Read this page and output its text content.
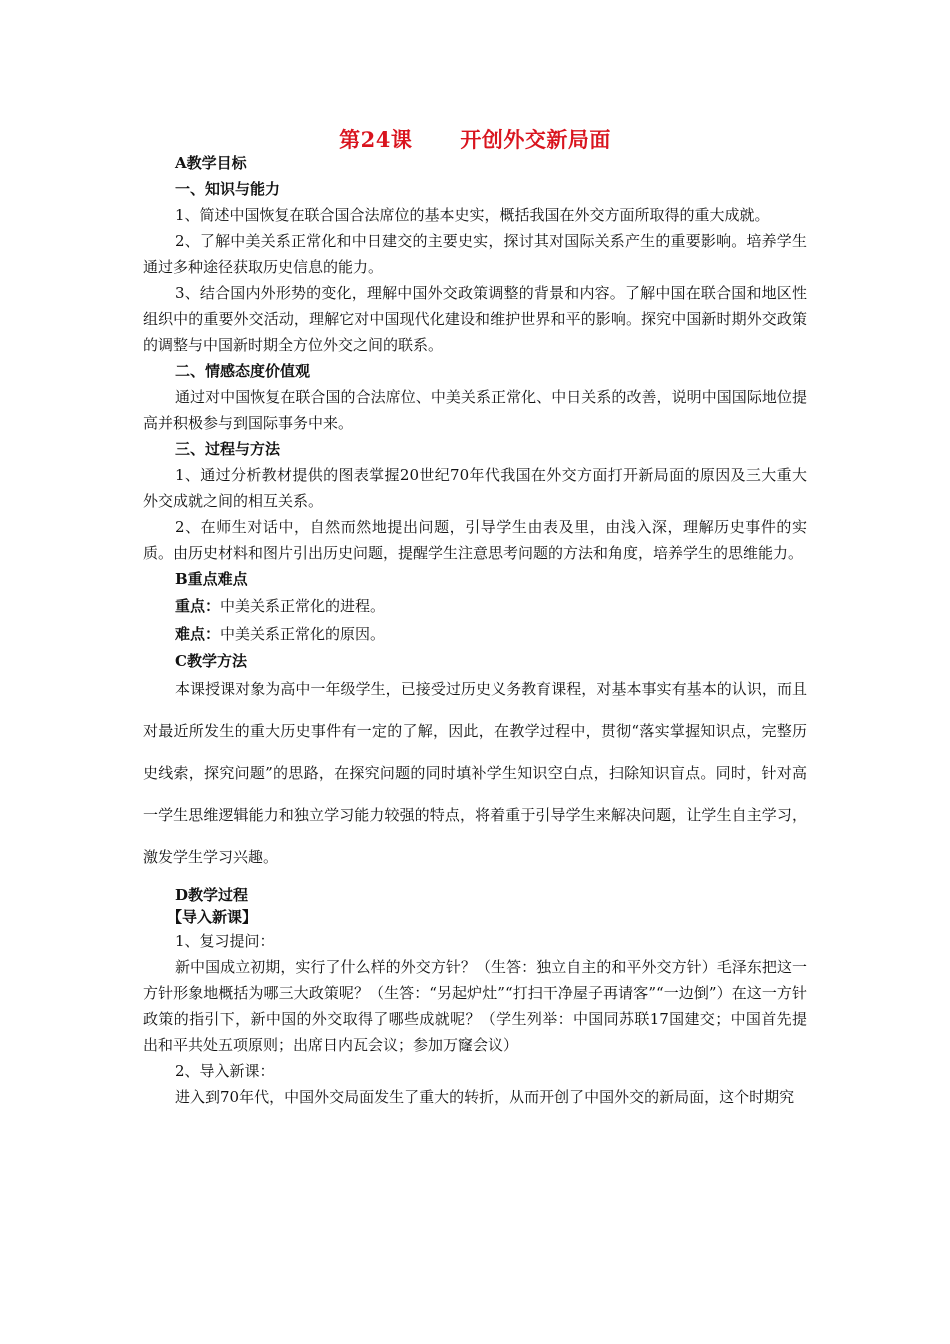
第24课 开创外交新局面

A教学目标

一、知识与能力

1、简述中国恢复在联合国合法席位的基本史实，概括我国在外交方面所取得的重大成就。

2、了解中美关系正常化和中日建交的主要史实，探讨其对国际关系产生的重要影响。培养学生通过多种途径获取历史信息的能力。

3、结合国内外形势的变化，理解中国外交政策调整的背景和内容。了解中国在联合国和地区性组织中的重要外交活动，理解它对中国现代化建设和维护世界和平的影响。探究中国新时期外交政策的调整与中国新时期全方位外交之间的联系。

二、情感态度价值观

通过对中国恢复在联合国的合法席位、中美关系正常化、中日关系的改善，说明中国国际地位提高并积极参与到国际事务中来。

三、过程与方法

1、通过分析教材提供的图表掌握20世纪70年代我国在外交方面打开新局面的原因及三大重大外交成就之间的相互关系。

2、在师生对话中，自然而然地提出问题，引导学生由表及里，由浅入深，理解历史事件的实质。由历史材料和图片引出历史问题，提醒学生注意思考问题的方法和角度，培养学生的思维能力。

B重点难点

重点：中美关系正常化的进程。

难点：中美关系正常化的原因。

C教学方法

本课授课对象为高中一年级学生，已接受过历史义务教育课程，对基本事实有基本的认识，而且对最近所发生的重大历史事件有一定的了解，因此，在教学过程中，贯彻“落实掌握知识点，完整历史线索，探究问题”的思路，在探究问题的同时填补学生知识空白点，扫除知识盲点。同时，针对高一学生思维逻辑能力和独立学习能力较强的特点，将着重于引导学生来解决问题，让学生自主学习，激发学生学习兴趣。

D教学过程

【导入新课】

1、复习提问：

新中国成立初期，实行了什么样的外交方针？（生答：独立自主的和平外交方针）毛泽东把这一方针形象地概括为哪三大政策呢？（生答：“另起炉灶”“打扫干净屋子再请客”“一边倒”）在这一方针政策的指引下，新中国的外交取得了哪些成就呢？（学生列举：中国同苏联17国建交；中国首先提出和平共处五项原则；出席日内瓦会议；参加万窿会议）

2、导入新课：

进入到70年代，中国外交局面发生了重大的转折，从而开创了中国外交的新局面，这个时期究
